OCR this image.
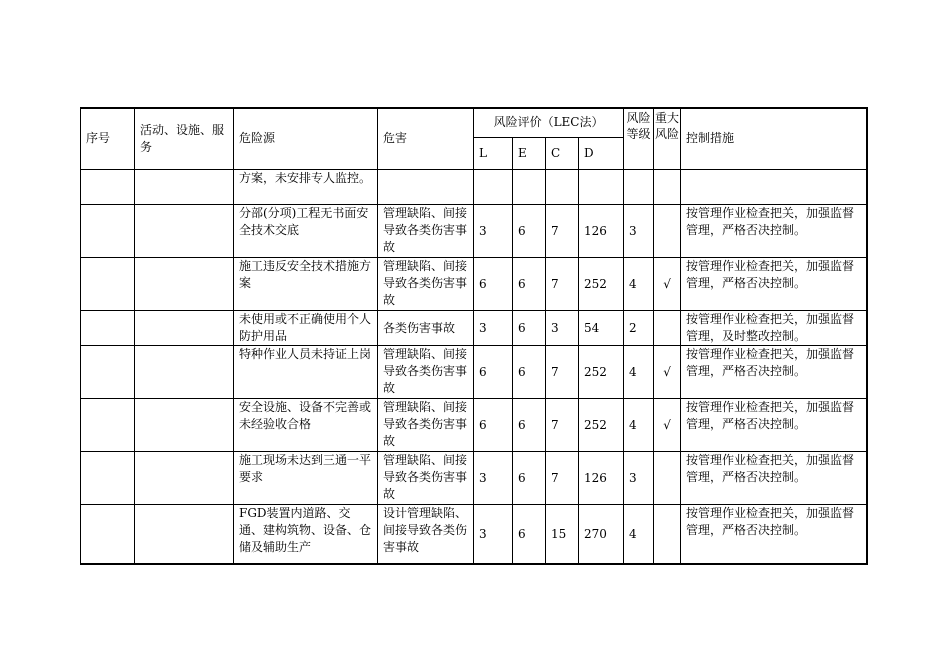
序号	活动、设施、服务	危险源	危害	风险评价（LEC法）				风险等级	重大风险	控制措施
				L	E	C	D			
		方案，未安排专人监控。								
		分部(分项)工程无书面安全技术交底	管理缺陷、间接导致各类伤害事故	3	6	7	126	3		按管理作业检查把关，加强监督管理，严格否决控制。
		施工违反安全技术措施方案	管理缺陷、间接导致各类伤害事故	6	6	7	252	4	√	按管理作业检查把关，加强监督管理，严格否决控制。
		未使用或不正确使用个人防护用品	各类伤害事故	3	6	3	54	2		按管理作业检查把关，加强监督管理，及时整改控制。
		特种作业人员未持证上岗	管理缺陷、间接导致各类伤害事故	6	6	7	252	4	√	按管理作业检查把关，加强监督管理，严格否决控制。
		安全设施、设备不完善或未经验收合格	管理缺陷、间接导致各类伤害事故	6	6	7	252	4	√	按管理作业检查把关，加强监督管理，严格否决控制。
		施工现场未达到三通一平要求	管理缺陷、间接导致各类伤害事故	3	6	7	126	3		按管理作业检查把关，加强监督管理，严格否决控制。
		FGD装置内道路、交通、建构筑物、设备、仓储及辅助生产	设计管理缺陷、间接导致各类伤害事故	3	6	15	270	4		按管理作业检查把关，加强监督管理，严格否决控制。
